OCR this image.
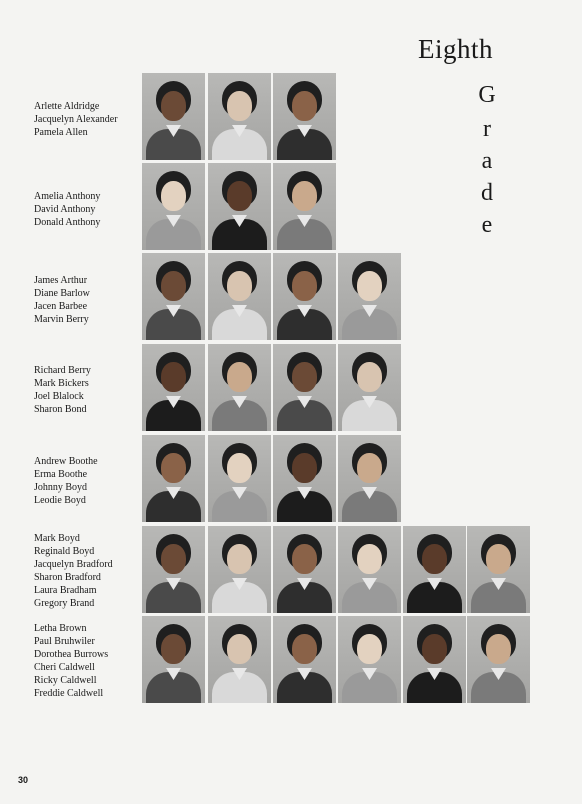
Eighth
G
r
a
d
e
Arlette Aldridge
Jacquelyn Alexander
Pamela Allen
Amelia Anthony
David Anthony
Donald Anthony
James Arthur
Diane Barlow
Jacen Barbee
Marvin Berry
Richard Berry
Mark Bickers
Joel Blalock
Sharon Bond
Andrew Boothe
Erma Boothe
Johnny Boyd
Leodie Boyd
Mark Boyd
Reginald Boyd
Jacquelyn Bradford
Sharon Bradford
Laura Bradham
Gregory Brand
Letha Brown
Paul Bruhwiler
Dorothea Burrows
Cheri Caldwell
Ricky Caldwell
Freddie Caldwell
30
